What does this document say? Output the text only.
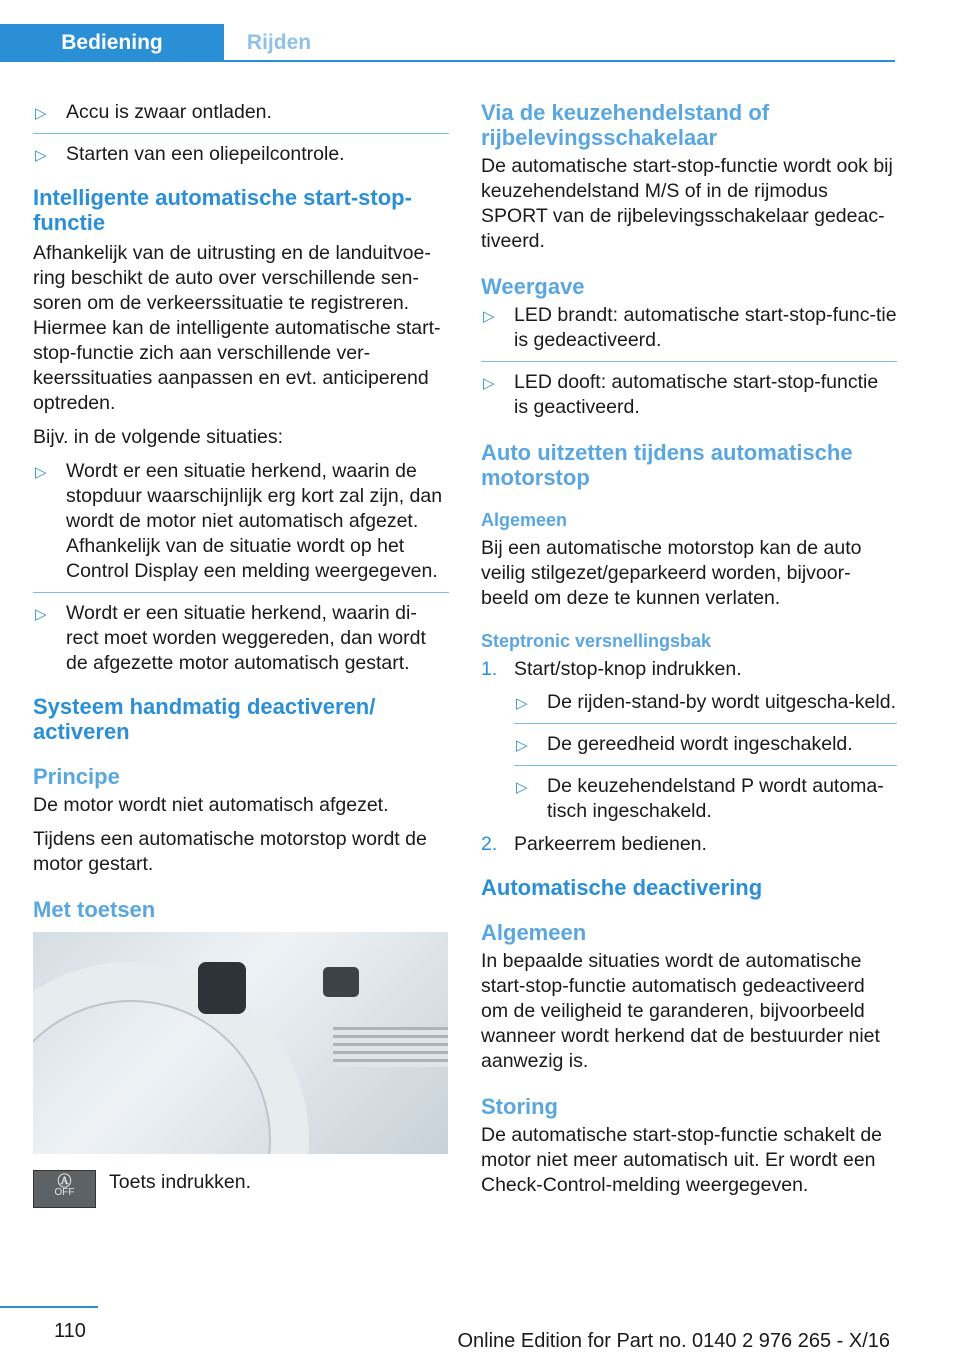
Bediening	Rijden
▷ Accu is zwaar ontladen.
▷ Starten van een oliepeilcontrole.
Intelligente automatische start-stop-functie

Afhankelijk van de uitrusting en de landuitvoe-ring beschikt de auto over verschillende sen-soren om de verkeerssituatie te registreren. Hiermee kan de intelligente automatische start-stop-functie zich aan verschillende ver-keerssituaties aanpassen en evt. anticiperend optreden.

Bijv. in de volgende situaties:

▷ Wordt er een situatie herkend, waarin de stopduur waarschijnlijk erg kort zal zijn, dan wordt de motor niet automatisch afgezet. Afhankelijk van de situatie wordt op het Control Display een melding weergegeven.
▷ Wordt er een situatie herkend, waarin di-rect moet worden weggereden, dan wordt de afgezette motor automatisch gestart.
Systeem handmatig deactiveren/ activeren
Principe

De motor wordt niet automatisch afgezet.

Tijdens een automatische motorstop wordt de motor gestart.

Met toetsen
Ⓐ
OFF	Toets indrukken.
Via de keuzehendelstand of rijbelevingsschakelaar

De automatische start-stop-functie wordt ook bij keuzehendelstand M/S of in de rijmodus SPORT van de rijbelevingsschakelaar gedeac-tiveerd.

Weergave
▷ LED brandt: automatische start-stop-func-tie is gedeactiveerd.
▷ LED dooft: automatische start-stop-functie is geactiveerd.
Auto uitzetten tijdens automatische motorstop
Algemeen

Bij een automatische motorstop kan de auto veilig stilgezet/geparkeerd worden, bijvoor-beeld om deze te kunnen verlaten.

Steptronic versnellingsbak
1. Start/stop-knop indrukken.
▷ De rijden-stand-by wordt uitgescha-keld.
▷ De gereedheid wordt ingeschakeld.
▷ De keuzehendelstand P wordt automa-tisch ingeschakeld.
2. Parkeerrem bedienen.
Automatische deactivering
Algemeen

In bepaalde situaties wordt de automatische start-stop-functie automatisch gedeactiveerd om de veiligheid te garanderen, bijvoorbeeld wanneer wordt herkend dat de bestuurder niet aanwezig is.

Storing

De automatische start-stop-functie schakelt de motor niet meer automatisch uit. Er wordt een Check-Control-melding weergegeven.

110	Online Edition for Part no. 0140 2 976 265 - X/16
